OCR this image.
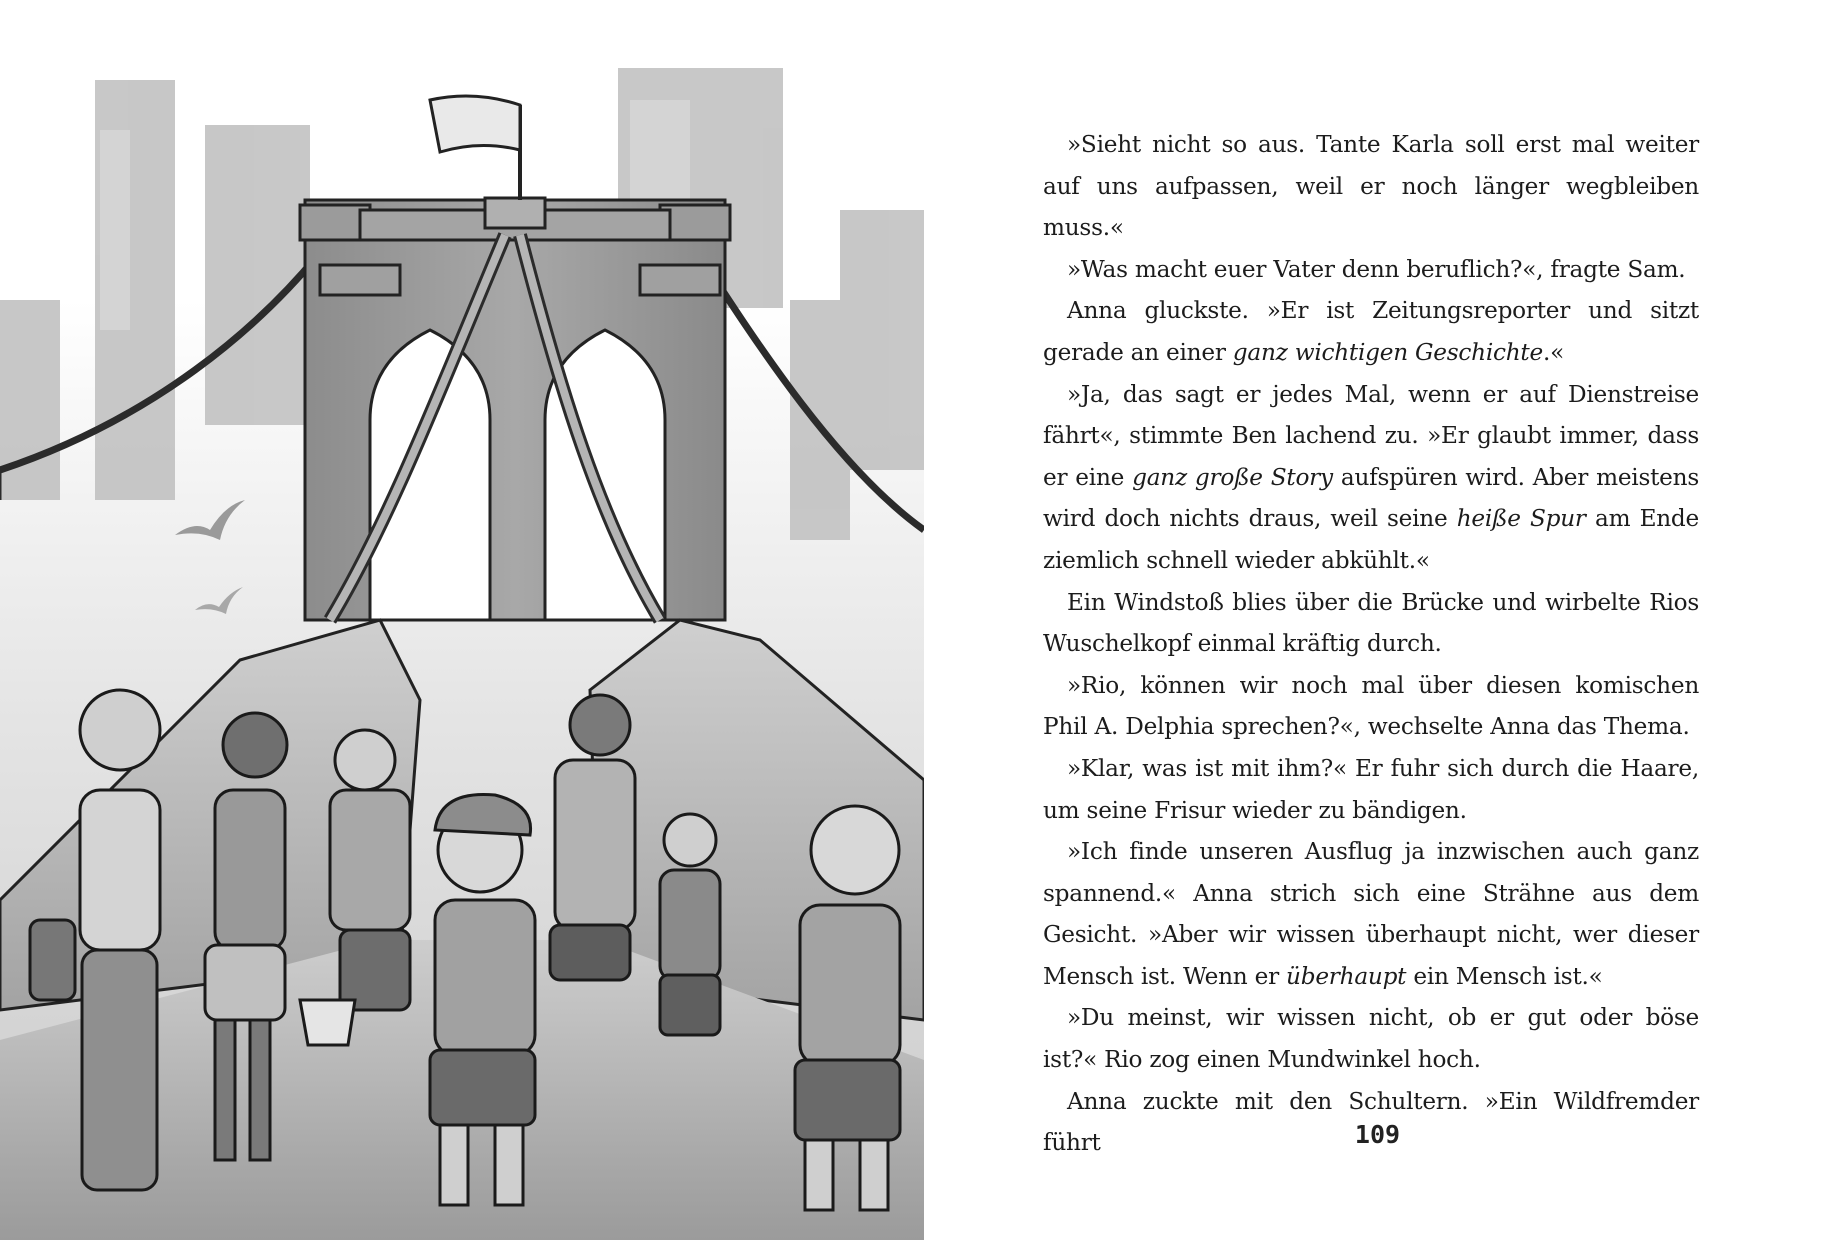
»Sieht nicht so aus. Tante Karla soll erst mal weiter auf uns aufpassen, weil er noch länger wegbleiben muss.«

»Was macht euer Vater denn beruflich?«, fragte Sam.

Anna gluckste. »Er ist Zeitungsreporter und sitzt gerade an einer ganz wichtigen Geschichte.«

»Ja, das sagt er jedes Mal, wenn er auf Dienstreise fährt«, stimmte Ben lachend zu. »Er glaubt immer, dass er eine ganz große Story aufspüren wird. Aber meistens wird doch nichts draus, weil seine heiße Spur am Ende ziemlich schnell wieder abkühlt.«

Ein Windstoß blies über die Brücke und wirbelte Rios Wuschelkopf einmal kräftig durch.

»Rio, können wir noch mal über diesen komischen Phil A. Delphia sprechen?«, wechselte Anna das Thema.

»Klar, was ist mit ihm?« Er fuhr sich durch die Haare, um seine Frisur wieder zu bändigen.

»Ich finde unseren Ausflug ja inzwischen auch ganz spannend.« Anna strich sich eine Strähne aus dem Gesicht. »Aber wir wissen überhaupt nicht, wer dieser Mensch ist. Wenn er überhaupt ein Mensch ist.«

»Du meinst, wir wissen nicht, ob er gut oder böse ist?« Rio zog einen Mundwinkel hoch.

Anna zuckte mit den Schultern. »Ein Wildfremder führt	109
